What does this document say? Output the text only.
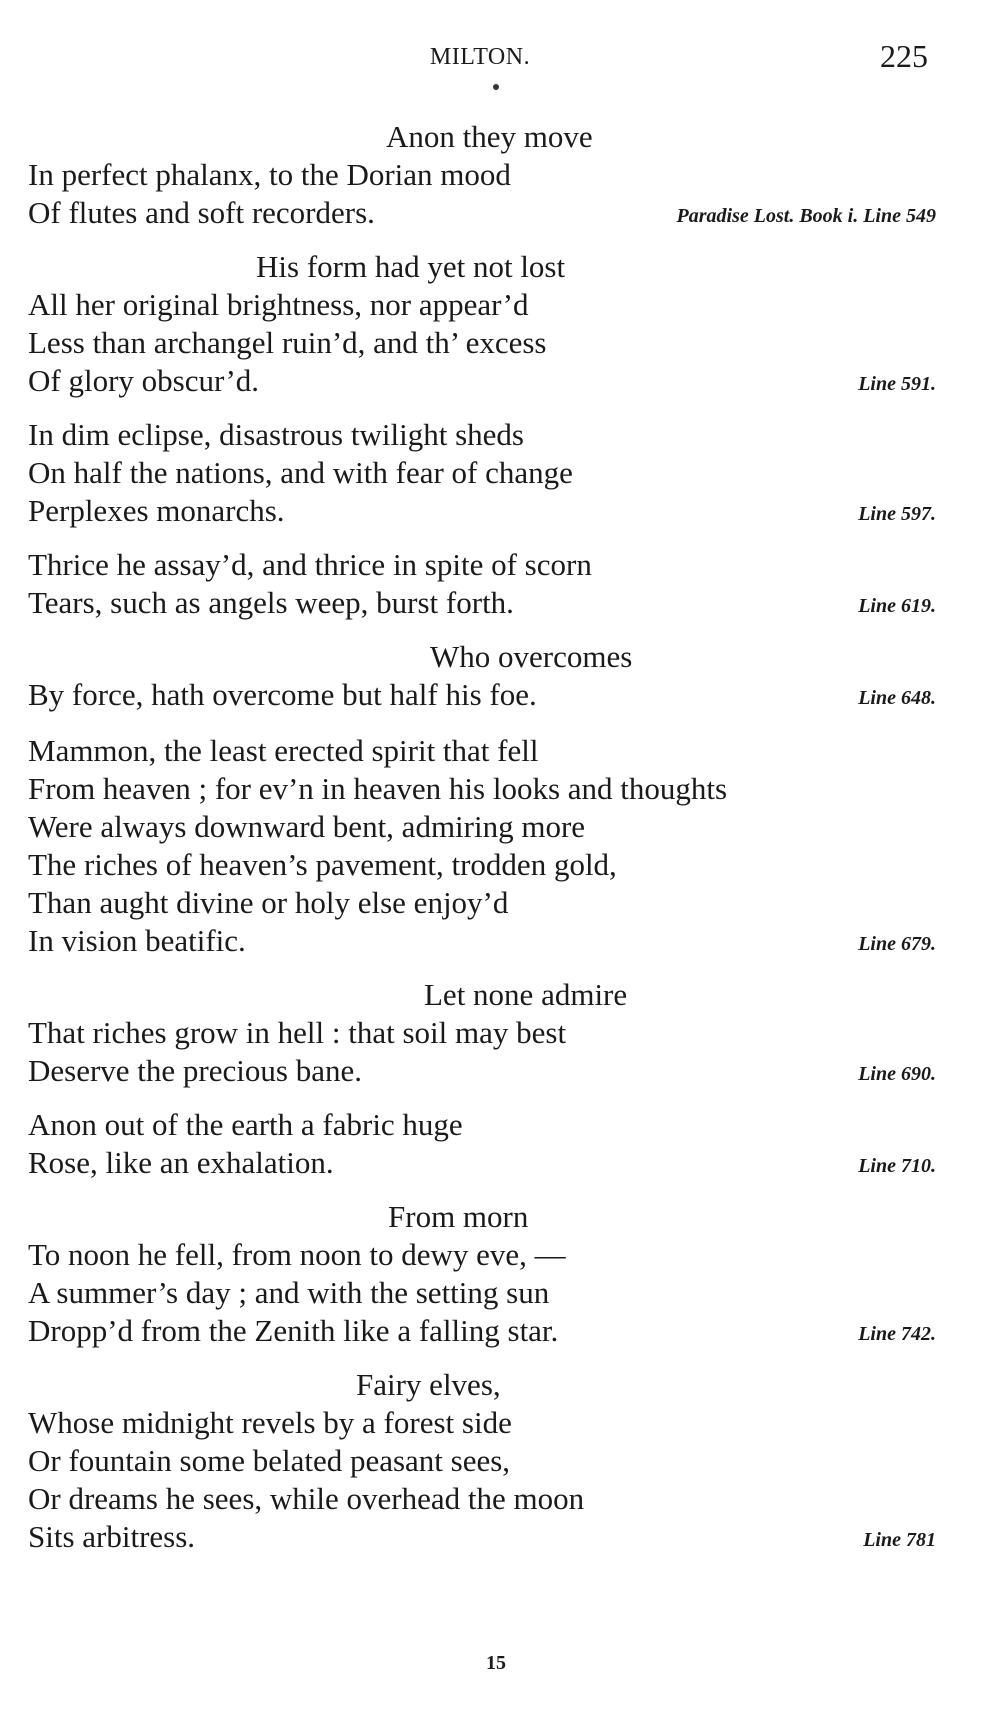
MILTON.	225
Anon they move
In perfect phalanx, to the Dorian mood
Of flutes and soft recorders.	Paradise Lost. Book i. Line 549
His form had yet not lost
All her original brightness, nor appear’d
Less than archangel ruin’d, and th’ excess
Of glory obscur’d.	Line 591.
In dim eclipse, disastrous twilight sheds
On half the nations, and with fear of change
Perplexes monarchs.	Line 597.
Thrice he assay’d, and thrice in spite of scorn
Tears, such as angels weep, burst forth.	Line 619.
Who overcomes
By force, hath overcome but half his foe.	Line 648.
Mammon, the least erected spirit that fell
From heaven ; for ev’n in heaven his looks and thoughts
Were always downward bent, admiring more
The riches of heaven’s pavement, trodden gold,
Than aught divine or holy else enjoy’d
In vision beatific.	Line 679.
Let none admire
That riches grow in hell : that soil may best
Deserve the precious bane.	Line 690.
Anon out of the earth a fabric huge
Rose, like an exhalation.	Line 710.
From morn
To noon he fell, from noon to dewy eve, —
A summer’s day ; and with the setting sun
Dropp’d from the Zenith like a falling star.	Line 742.
Fairy elves,
Whose midnight revels by a forest side
Or fountain some belated peasant sees,
Or dreams he sees, while overhead the moon
Sits arbitress.	Line 781
15
